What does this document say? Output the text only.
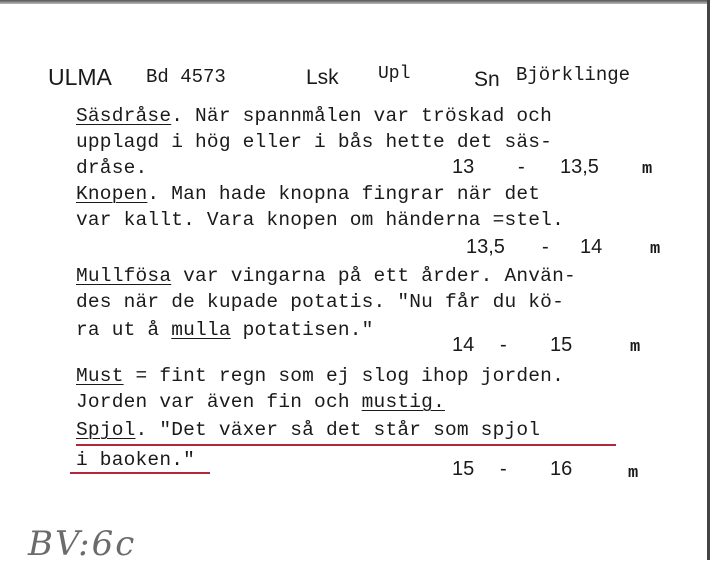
ULMA Bd 4573	Lsk Upl	Sn Björklinge
Säsdråse. När spannmålen var tröskad och
upplagd i hög eller i bås hette det säs-
dråse.	13 - 13,5	m
Knopen. Man hade knopna fingrar när det
var kallt. Vara knopen om händerna =stel.
13,5 - 14	m
Mullfösa var vingarna på ett årder. Använ-
des när de kupade potatis. "Nu får du kö-
ra ut å mulla potatisen."
14 - 15	m
Must = fint regn som ej slog ihop jorden.
Jorden var även fin och mustig.
Spjol. "Det växer så det står som spjol
i baoken."	15 - 16	m
BV:6c
